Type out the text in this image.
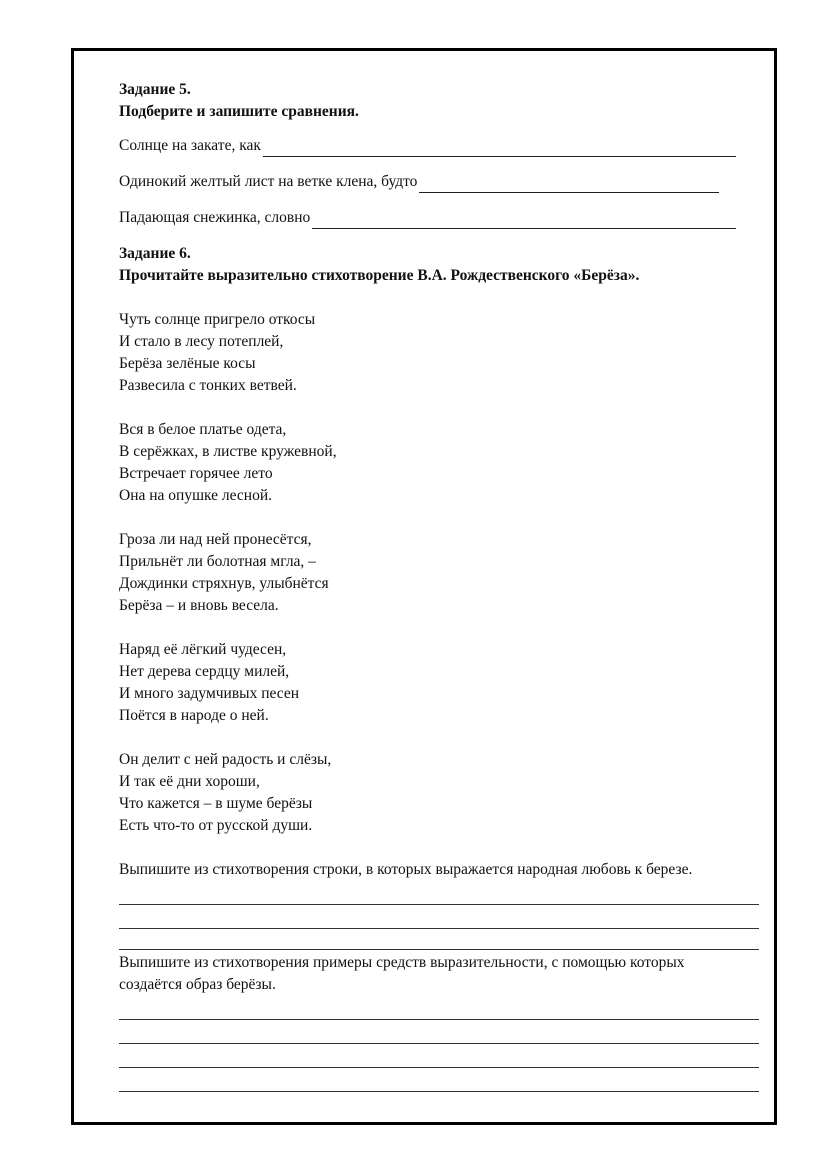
Задание 5.

Подберите и запишите сравнения.

Солнце на закате, как
Одинокий желтый лист на ветке клена, будто
Падающая снежинка, словно

Задание 6.

Прочитайте выразительно стихотворение В.А. Рождественского «Берёза».

Чуть солнце пригрело откосы

И стало в лесу потеплей,

Берёза зелёные косы

Развесила с тонких ветвей.

Вся в белое платье одета,

В серёжках, в листве кружевной,

Встречает горячее лето

Она на опушке лесной.

Гроза ли над ней пронесётся,

Прильнёт ли болотная мгла, –

Дождинки стряхнув, улыбнётся

Берёза – и вновь весела.

Наряд её лёгкий чудесен,

Нет дерева сердцу милей,

И много задумчивых песен

Поётся в народе о ней.

Он делит с ней радость и слёзы,

И так её дни хороши,

Что кажется – в шуме берёзы

Есть что-то от русской души.

Выпишите из стихотворения строки, в которых выражается народная любовь к березе.

Выпишите из стихотворения примеры средств выразительности, с помощью которых

создаётся образ берёзы.
